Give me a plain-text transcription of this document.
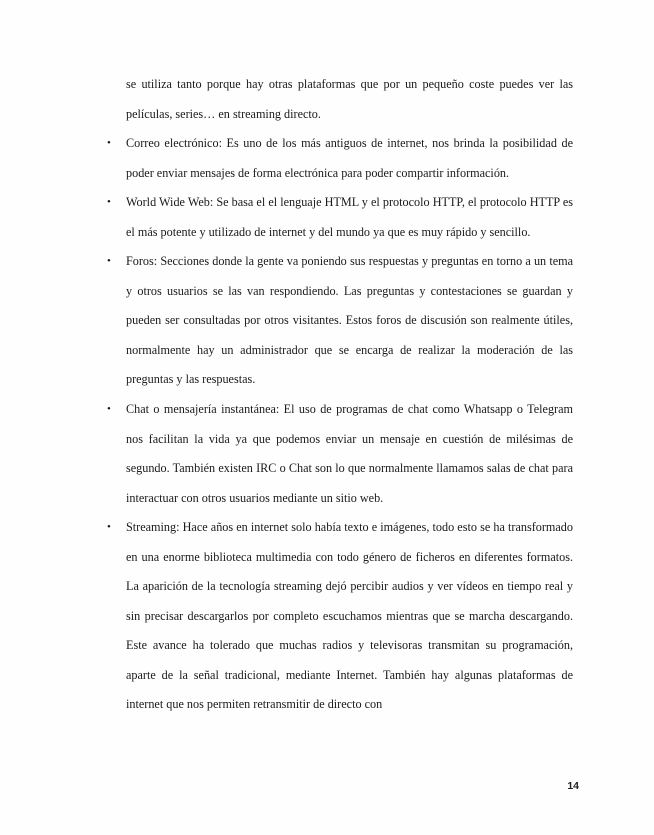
se utiliza tanto porque hay otras plataformas que por un pequeño coste puedes ver las películas, series… en streaming directo.

• Correo electrónico: Es uno de los más antiguos de internet, nos brinda la posibilidad de poder enviar mensajes de forma electrónica para poder compartir información.
• World Wide Web: Se basa el el lenguaje HTML y el protocolo HTTP, el protocolo HTTP es el más potente y utilizado de internet y del mundo ya que es muy rápido y sencillo.
• Foros: Secciones donde la gente va poniendo sus respuestas y preguntas en torno a un tema y otros usuarios se las van respondiendo. Las preguntas y contestaciones se guardan y pueden ser consultadas por otros visitantes. Estos foros de discusión son realmente útiles, normalmente hay un administrador que se encarga de realizar la moderación de las preguntas y las respuestas.
• Chat o mensajería instantánea: El uso de programas de chat como Whatsapp o Telegram nos facilitan la vida ya que podemos enviar un mensaje en cuestión de milésimas de segundo. También existen IRC o Chat son lo que normalmente llamamos salas de chat para interactuar con otros usuarios mediante un sitio web.
• Streaming: Hace años en internet solo había texto e imágenes, todo esto se ha transformado en una enorme biblioteca multimedia con todo género de ficheros en diferentes formatos. La aparición de la tecnología streaming dejó percibir audios y ver vídeos en tiempo real y sin precisar descargarlos por completo escuchamos mientras que se marcha descargando. Este avance ha tolerado que muchas radios y televisoras transmitan su programación, aparte de la señal tradicional, mediante Internet. También hay algunas plataformas de internet que nos permiten retransmitir de directo con
14
